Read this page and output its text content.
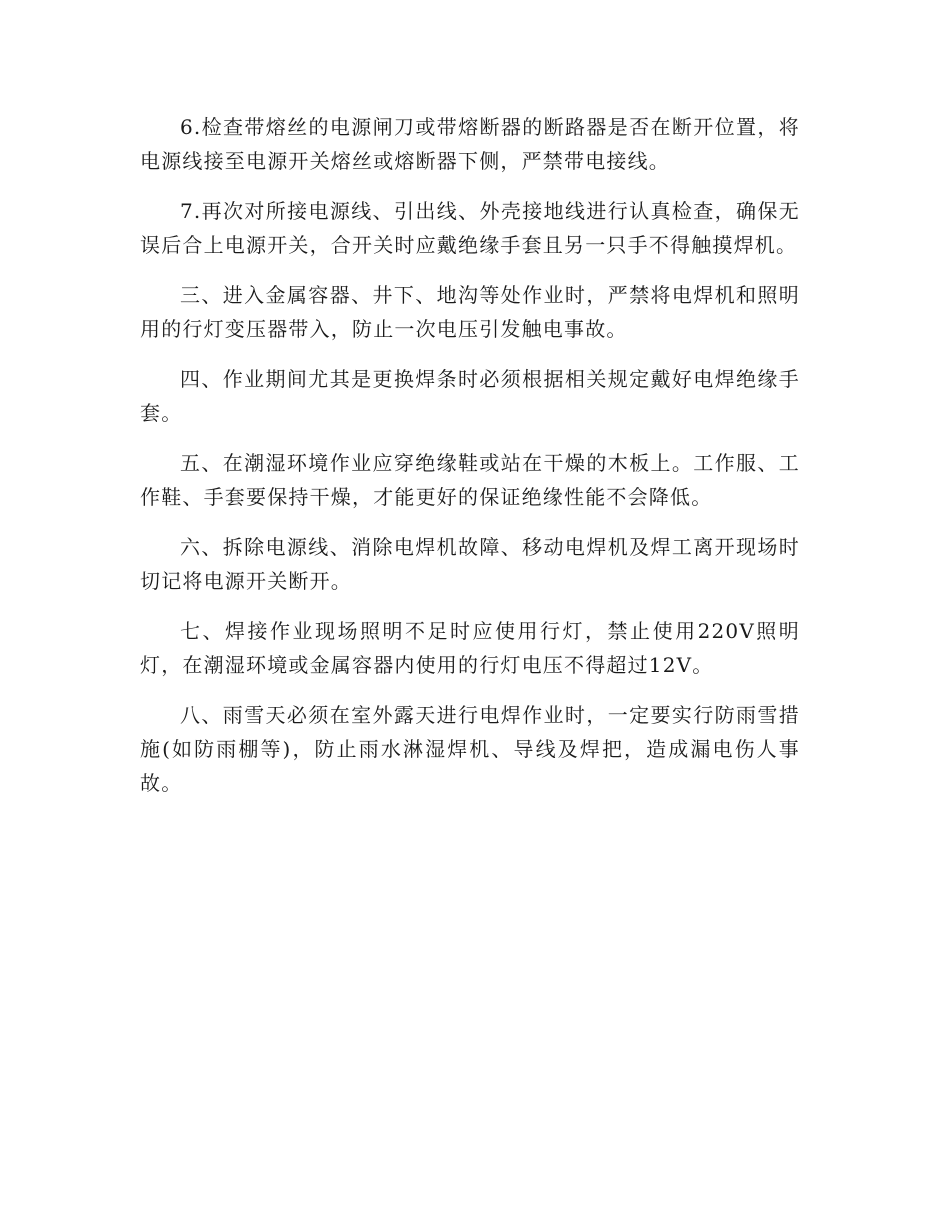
6.检查带熔丝的电源闸刀或带熔断器的断路器是否在断开位置，将电源线接至电源开关熔丝或熔断器下侧，严禁带电接线。

7.再次对所接电源线、引出线、外壳接地线进行认真检查，确保无误后合上电源开关，合开关时应戴绝缘手套且另一只手不得触摸焊机。

三、进入金属容器、井下、地沟等处作业时，严禁将电焊机和照明用的行灯变压器带入，防止一次电压引发触电事故。

四、作业期间尤其是更换焊条时必须根据相关规定戴好电焊绝缘手套。

五、在潮湿环境作业应穿绝缘鞋或站在干燥的木板上。工作服、工作鞋、手套要保持干燥，才能更好的保证绝缘性能不会降低。

六、拆除电源线、消除电焊机故障、移动电焊机及焊工离开现场时切记将电源开关断开。

七、焊接作业现场照明不足时应使用行灯，禁止使用220V照明灯，在潮湿环境或金属容器内使用的行灯电压不得超过12V。

八、雨雪天必须在室外露天进行电焊作业时，一定要实行防雨雪措施(如防雨棚等)，防止雨水淋湿焊机、导线及焊把，造成漏电伤人事故。
